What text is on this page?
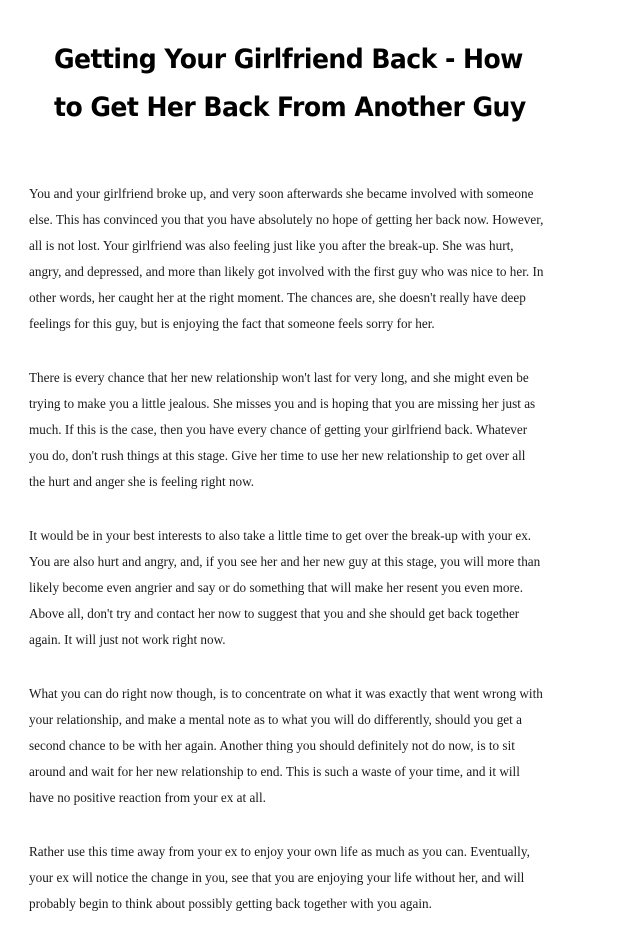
Getting Your Girlfriend Back - How
to Get Her Back From Another Guy
You and your girlfriend broke up, and very soon afterwards she became involved with someone
else. This has convinced you that you have absolutely no hope of getting her back now. However,
all is not lost. Your girlfriend was also feeling just like you after the break-up. She was hurt,
angry, and depressed, and more than likely got involved with the first guy who was nice to her. In
other words, her caught her at the right moment. The chances are, she doesn't really have deep
feelings for this guy, but is enjoying the fact that someone feels sorry for her.
There is every chance that her new relationship won't last for very long, and she might even be
trying to make you a little jealous. She misses you and is hoping that you are missing her just as
much. If this is the case, then you have every chance of getting your girlfriend back. Whatever
you do, don't rush things at this stage. Give her time to use her new relationship to get over all
the hurt and anger she is feeling right now.
It would be in your best interests to also take a little time to get over the break-up with your ex.
You are also hurt and angry, and, if you see her and her new guy at this stage, you will more than
likely become even angrier and say or do something that will make her resent you even more.
Above all, don't try and contact her now to suggest that you and she should get back together
again. It will just not work right now.
What you can do right now though, is to concentrate on what it was exactly that went wrong with
your relationship, and make a mental note as to what you will do differently, should you get a
second chance to be with her again. Another thing you should definitely not do now, is to sit
around and wait for her new relationship to end. This is such a waste of your time, and it will
have no positive reaction from your ex at all.
Rather use this time away from your ex to enjoy your own life as much as you can. Eventually,
your ex will notice the change in you, see that you are enjoying your life without her, and will
probably begin to think about possibly getting back together with you again.
